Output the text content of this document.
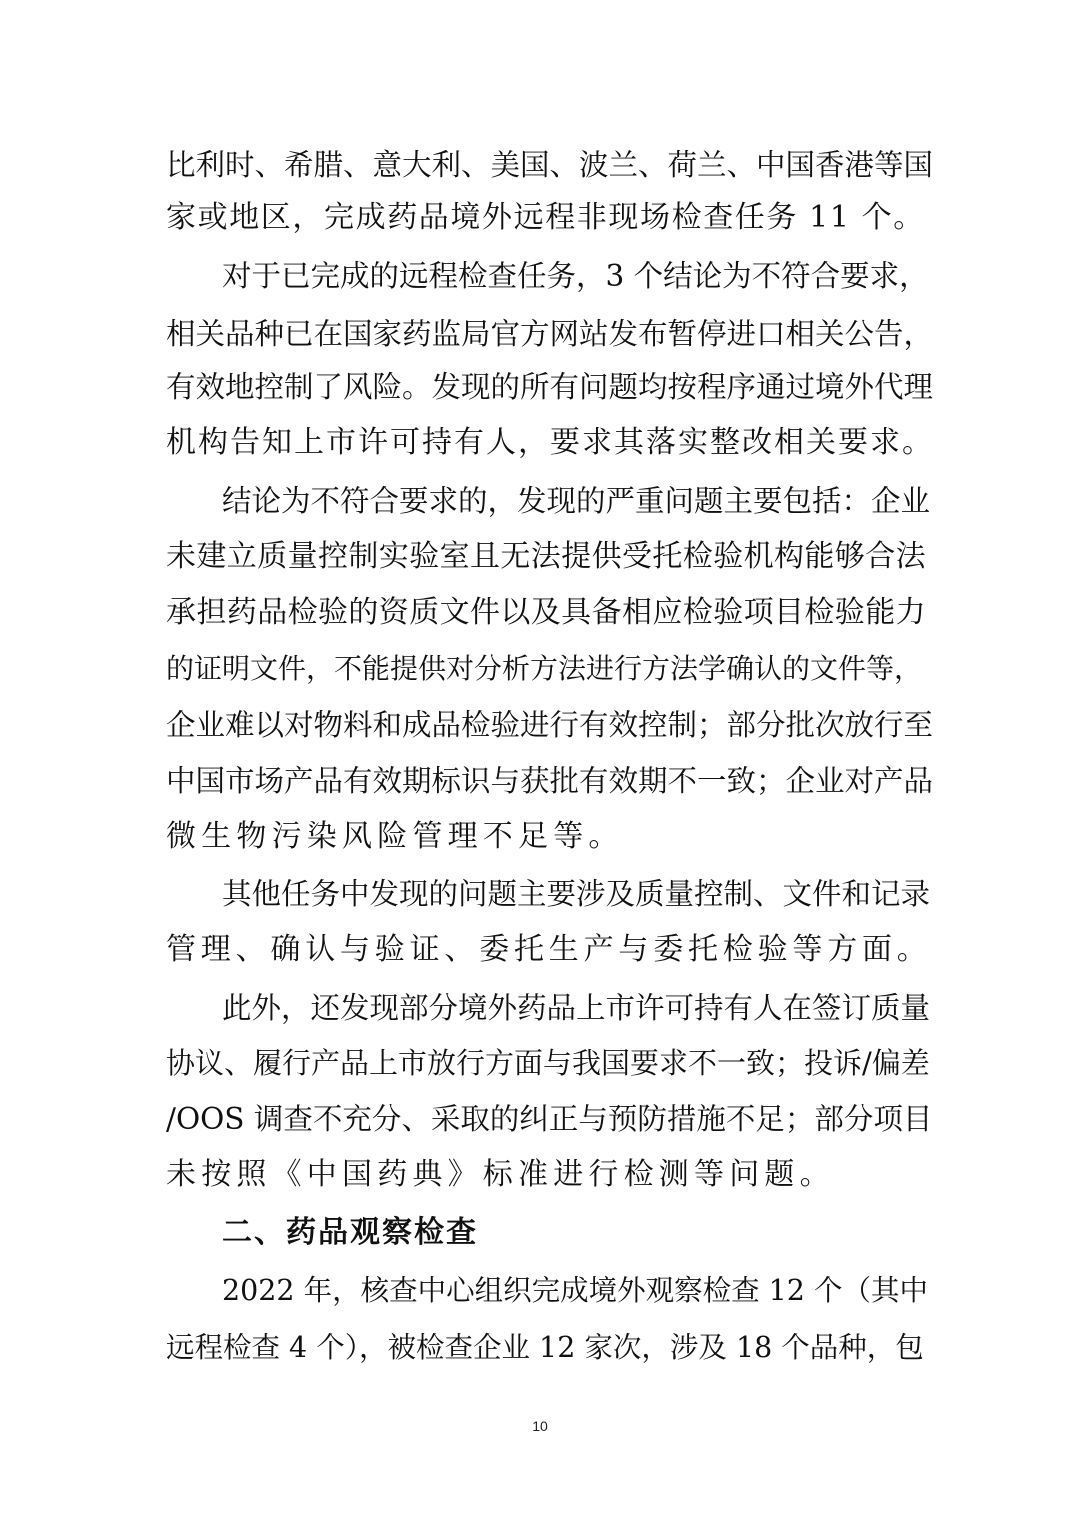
比利时、希腊、意大利、美国、波兰、荷兰、中国香港等国
家或地区，完成药品境外远程非现场检查任务 11 个。
对于已完成的远程检查任务，3 个结论为不符合要求，
相关品种已在国家药监局官方网站发布暂停进口相关公告，
有效地控制了风险。发现的所有问题均按程序通过境外代理
机构告知上市许可持有人，要求其落实整改相关要求。
结论为不符合要求的，发现的严重问题主要包括：企业
未建立质量控制实验室且无法提供受托检验机构能够合法
承担药品检验的资质文件以及具备相应检验项目检验能力
的证明文件，不能提供对分析方法进行方法学确认的文件等，
企业难以对物料和成品检验进行有效控制；部分批次放行至
中国市场产品有效期标识与获批有效期不一致；企业对产品
微生物污染风险管理不足等。
其他任务中发现的问题主要涉及质量控制、文件和记录
管理、确认与验证、委托生产与委托检验等方面。
此外，还发现部分境外药品上市许可持有人在签订质量
协议、履行产品上市放行方面与我国要求不一致；投诉/偏差
/OOS 调查不充分、采取的纠正与预防措施不足；部分项目
未按照《中国药典》标准进行检测等问题。
二、药品观察检查
2022 年，核查中心组织完成境外观察检查 12 个（其中
远程检查 4 个），被检查企业 12 家次，涉及 18 个品种，包
10
